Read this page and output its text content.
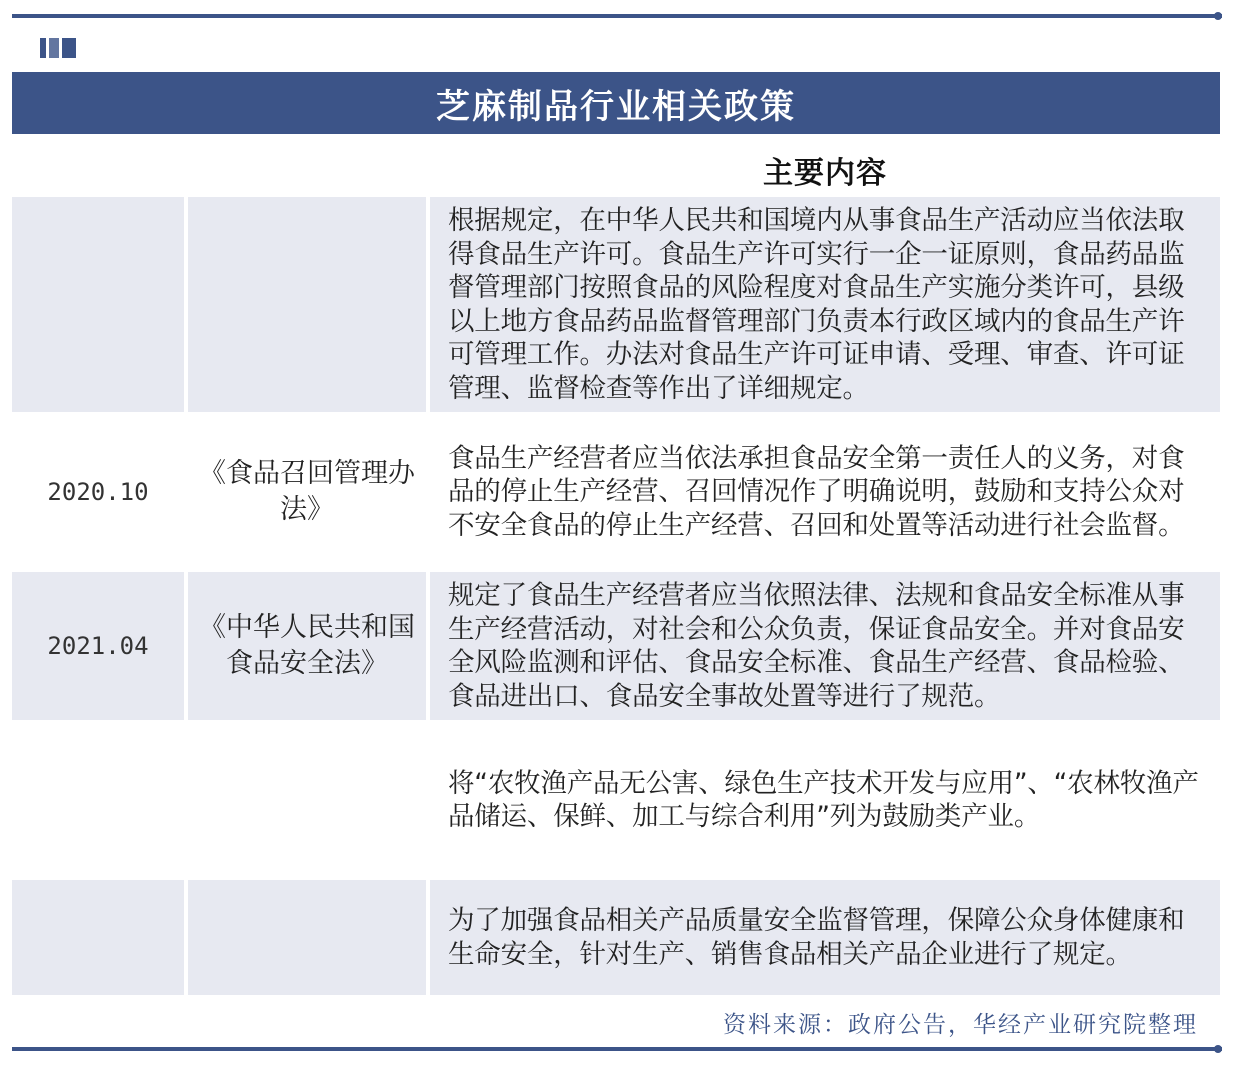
芝麻制品行业相关政策
主要内容
根据规定，在中华人民共和国境内从事食品生产活动应当依法取得食品生产许可。食品生产许可实行一企一证原则，食品药品监督管理部门按照食品的风险程度对食品生产实施分类许可，县级以上地方食品药品监督管理部门负责本行政区域内的食品生产许可管理工作。办法对食品生产许可证申请、受理、审查、许可证管理、监督检查等作出了详细规定。
2020.10
《食品召回管理办法》
食品生产经营者应当依法承担食品安全第一责任人的义务，对食品的停止生产经营、召回情况作了明确说明，鼓励和支持公众对不安全食品的停止生产经营、召回和处置等活动进行社会监督。
2021.04
《中华人民共和国食品安全法》
规定了食品生产经营者应当依照法律、法规和食品安全标准从事生产经营活动，对社会和公众负责，保证食品安全。并对食品安全风险监测和评估、食品安全标准、食品生产经营、食品检验、食品进出口、食品安全事故处置等进行了规范。
将“农牧渔产品无公害、绿色生产技术开发与应用”、“农林牧渔产品储运、保鲜、加工与综合利用”列为鼓励类产业。
为了加强食品相关产品质量安全监督管理，保障公众身体健康和生命安全，针对生产、销售食品相关产品企业进行了规定。
资料来源：政府公告，华经产业研究院整理
